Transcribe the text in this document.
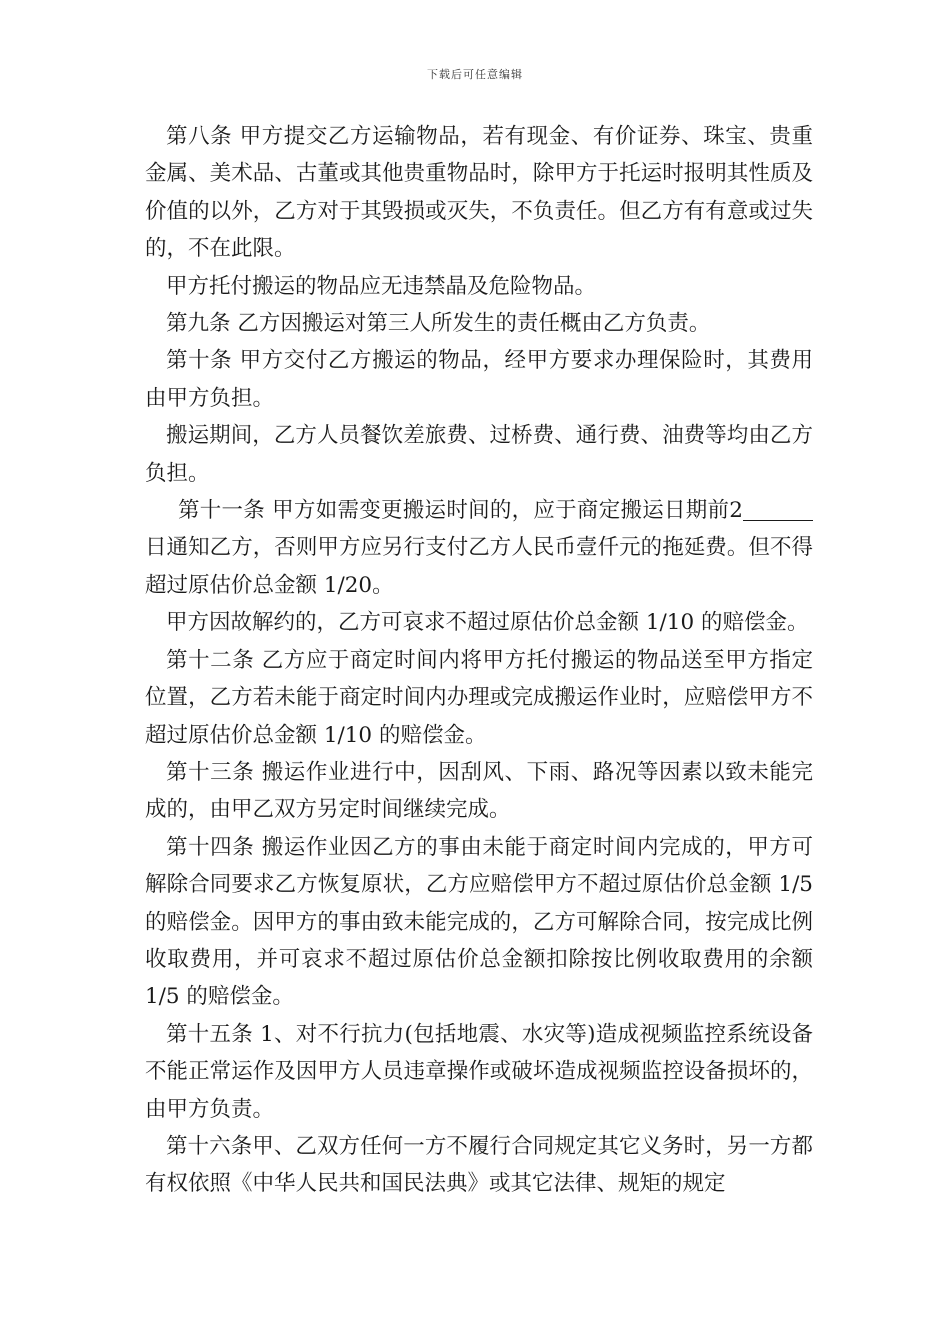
下载后可任意编辑

第八条 甲方提交乙方运输物品，若有现金、有价证券、珠宝、贵重金属、美术品、古董或其他贵重物品时，除甲方于托运时报明其性质及价值的以外，乙方对于其毁损或灭失，不负责任。但乙方有有意或过失的，不在此限。

甲方托付搬运的物品应无违禁晶及危险物品。

第九条 乙方因搬运对第三人所发生的责任概由乙方负责。

第十条 甲方交付乙方搬运的物品，经甲方要求办理保险时，其费用由甲方负担。

搬运期间，乙方人员餐饮差旅费、过桥费、通行费、油费等均由乙方负担。

第十一条 甲方如需变更搬运时间的，应于商定搬运日期前2日通知乙方，否则甲方应另行支付乙方人民币壹仟元的拖延费。但不得超过原估价总金额 1/20。

甲方因故解约的，乙方可哀求不超过原估价总金额 1/10 的赔偿金。

第十二条 乙方应于商定时间内将甲方托付搬运的物品送至甲方指定位置，乙方若未能于商定时间内办理或完成搬运作业时，应赔偿甲方不超过原估价总金额 1/10 的赔偿金。

第十三条 搬运作业进行中，因刮风、下雨、路况等因素以致未能完成的，由甲乙双方另定时间继续完成。

第十四条 搬运作业因乙方的事由未能于商定时间内完成的，甲方可解除合同要求乙方恢复原状，乙方应赔偿甲方不超过原估价总金额 1/5 的赔偿金。因甲方的事由致未能完成的，乙方可解除合同，按完成比例收取费用，并可哀求不超过原估价总金额扣除按比例收取费用的余额 1/5 的赔偿金。

第十五条 1、对不行抗力(包括地震、水灾等)造成视频监控系统设备不能正常运作及因甲方人员违章操作或破坏造成视频监控设备损坏的，由甲方负责。

第十六条甲、乙双方任何一方不履行合同规定其它义务时，另一方都有权依照《中华人民共和国民法典》或其它法律、规矩的规定
